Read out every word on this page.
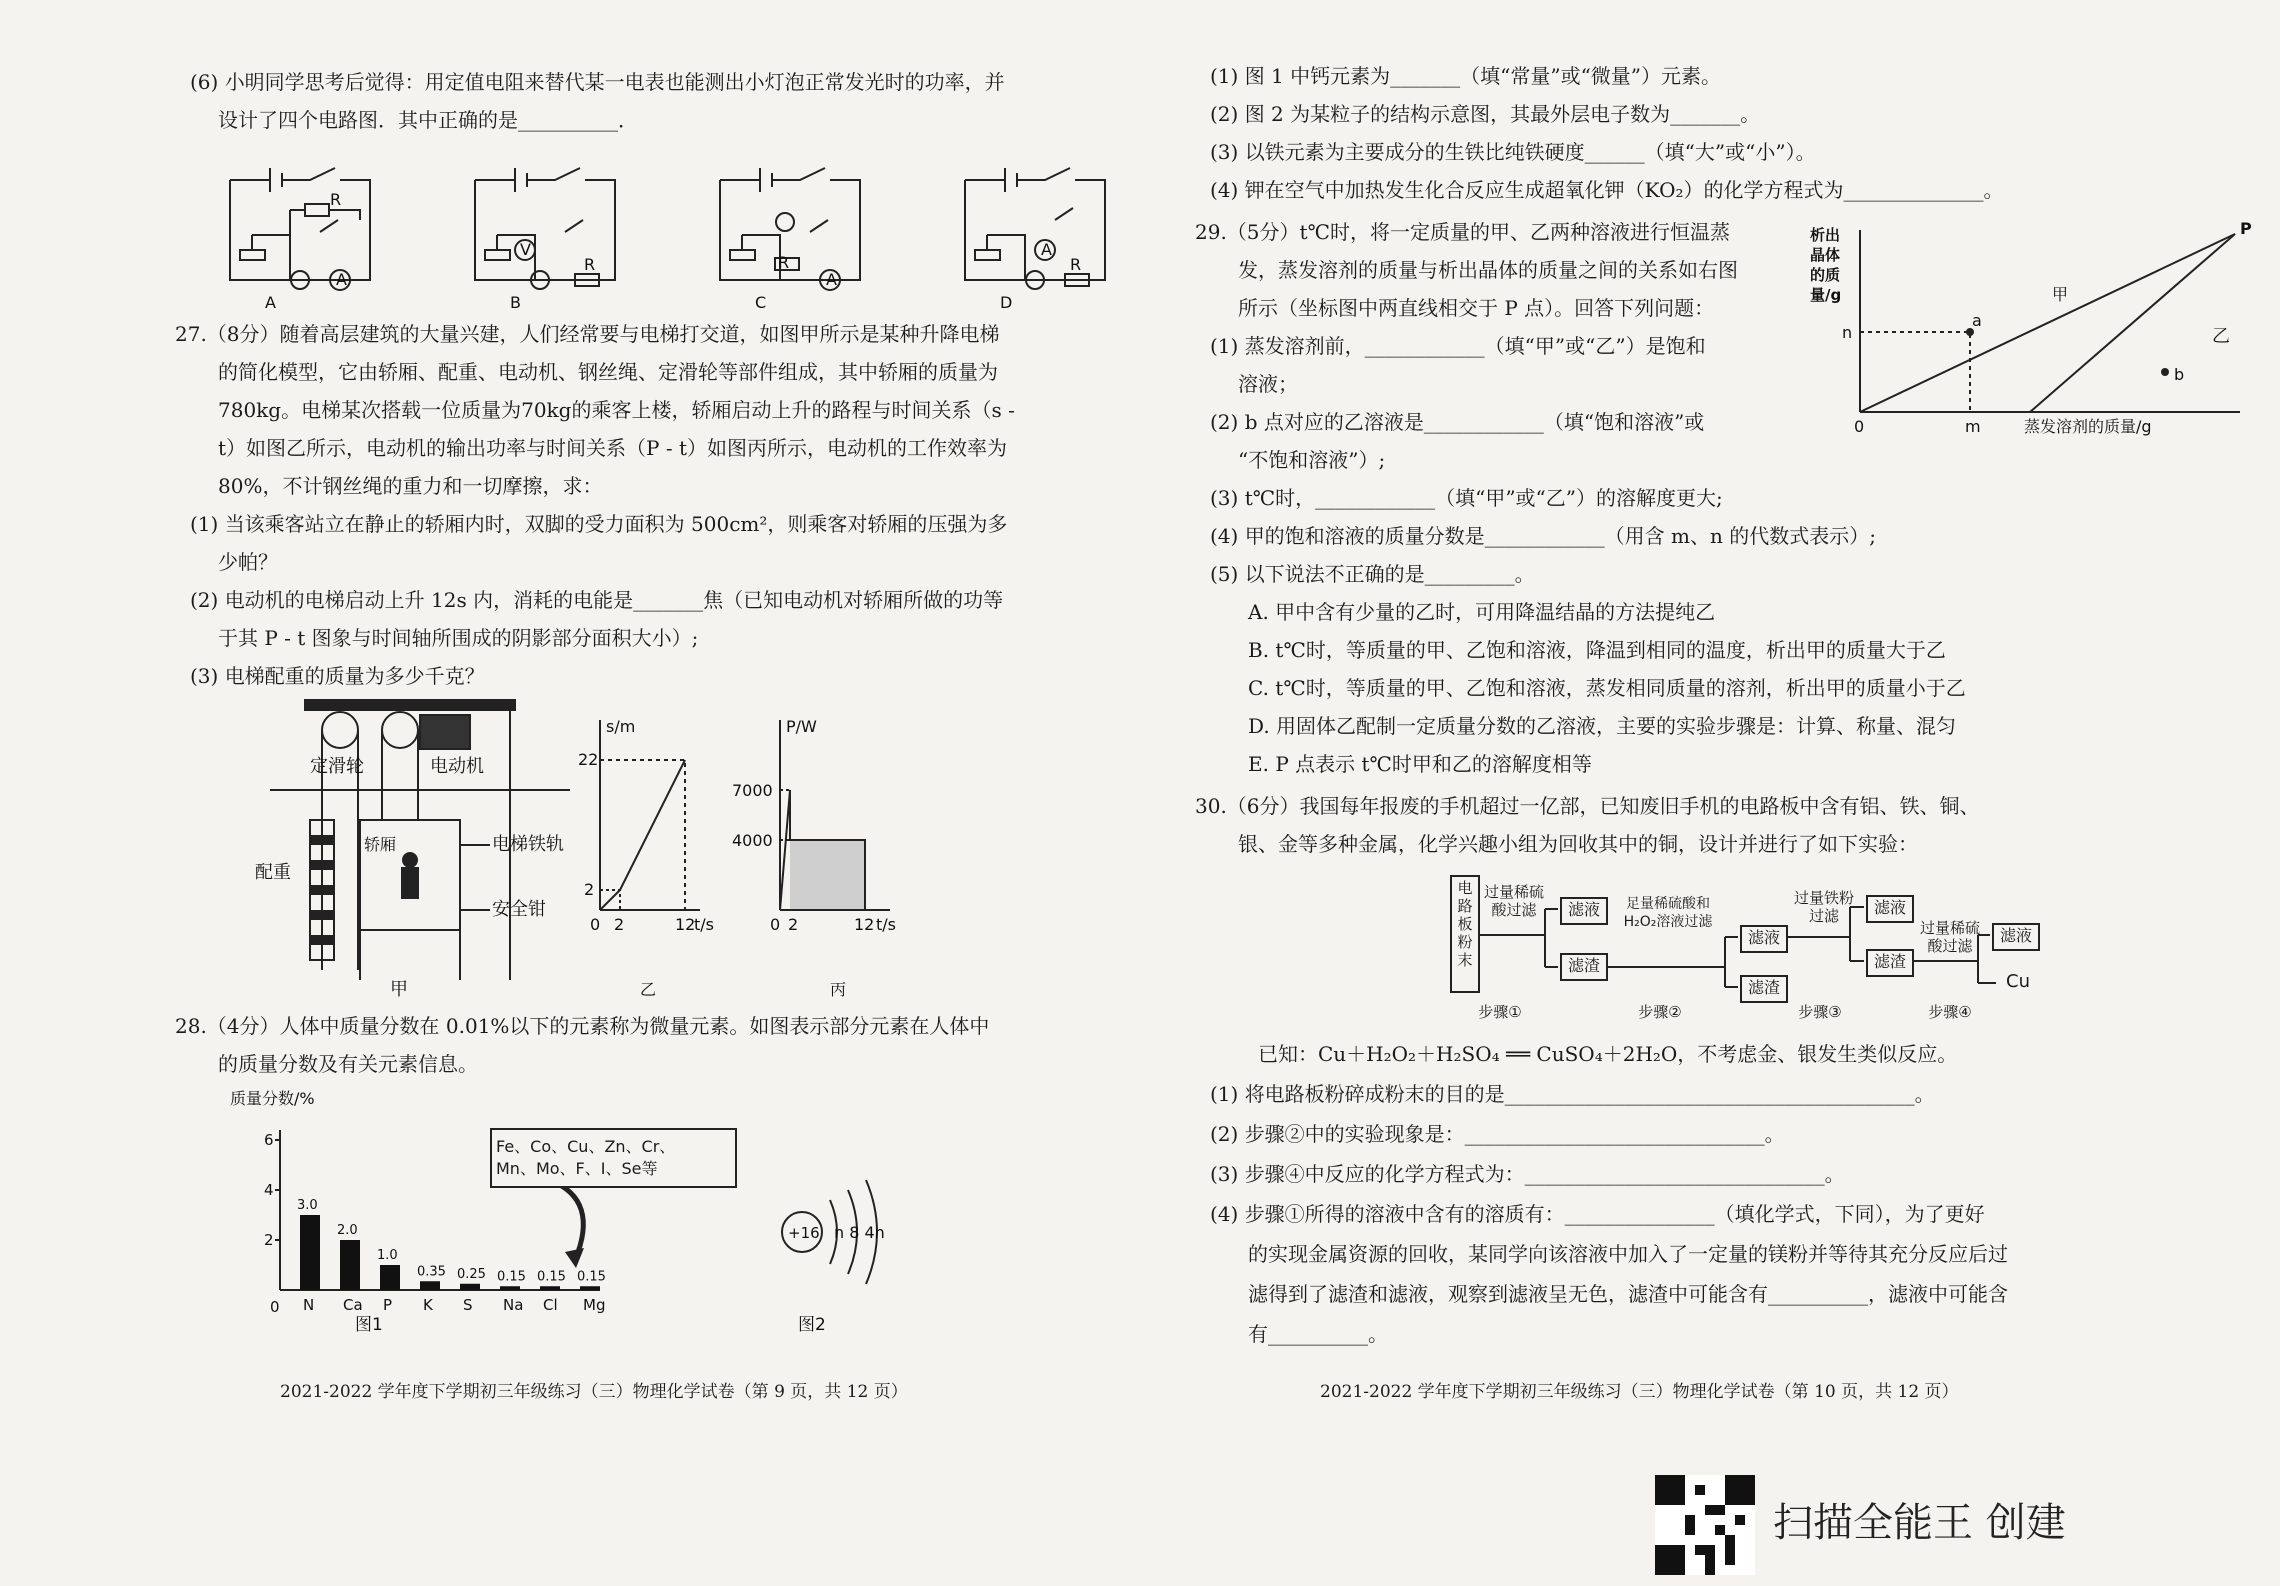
(6) 小明同学思考后觉得：用定值电阻来替代某一电表也能测出小灯泡正常发光时的功率，并
设计了四个电路图．其中正确的是__________．
R
A
V
R	R
A
A
R
A	B	C	D
27.（8分）随着高层建筑的大量兴建，人们经常要与电梯打交道，如图甲所示是某种升降电梯
的简化模型，它由轿厢、配重、电动机、钢丝绳、定滑轮等部件组成，其中轿厢的质量为
780kg。电梯某次搭载一位质量为70kg的乘客上楼，轿厢启动上升的路程与时间关系（s -
t）如图乙所示，电动机的输出功率与时间关系（P - t）如图丙所示，电动机的工作效率为
80%，不计钢丝绳的重力和一切摩擦，求：
(1) 当该乘客站立在静止的轿厢内时，双脚的受力面积为 500cm²，则乘客对轿厢的压强为多
少帕？
(2) 电动机的电梯启动上升 12s 内，消耗的电能是_______焦（已知电动机对轿厢所做的功等
于其 P - t 图象与时间轴所围成的阴影部分面积大小）;
(3) 电梯配重的质量为多少千克？
定滑轮	电动机
配重
轿厢	电梯铁轨
安全钳
甲
s/m
22
2
0 2	12
t/s
乙
P/W
7000
4000
0 2	12 t/s
丙
28.（4分）人体中质量分数在 0.01%以下的元素称为微量元素。如图表示部分元素在人体中
的质量分数及有关元素信息。
质量分数/%
6
4
2
0
3.0
N
2.0
Ca
1.0
P
0.35
K
0.25
S
0.15
Na
0.15
Cl
0.15
Mg
图1
Fe、Co、Cu、Zn、Cr、
Mn、Mo、F、I、Se等
+16 n 8 4n
图2
2021-2022 学年度下学期初三年级练习（三）物理化学试卷（第 9 页，共 12 页）
(1) 图 1 中钙元素为_______（填“常量”或“微量”）元素。
(2) 图 2 为某粒子的结构示意图，其最外层电子数为_______。
(3) 以铁元素为主要成分的生铁比纯铁硬度______（填“大”或“小”）。
(4) 钾在空气中加热发生化合反应生成超氧化钾（KO₂）的化学方程式为______________。
29.（5分）t℃时，将一定质量的甲、乙两种溶液进行恒温蒸
发，蒸发溶剂的质量与析出晶体的质量之间的关系如右图
所示（坐标图中两直线相交于 P 点）。回答下列问题：
(1) 蒸发溶剂前，____________（填“甲”或“乙”）是饱和
溶液；
(2) b 点对应的乙溶液是____________（填“饱和溶液”或
“不饱和溶液”）;
(3) t℃时，____________（填“甲”或“乙”）的溶解度更大;
(4) 甲的饱和溶液的质量分数是____________（用含 m、n 的代数式表示）;
(5) 以下说法不正确的是_________。
A. 甲中含有少量的乙时，可用降温结晶的方法提纯乙
B. t℃时，等质量的甲、乙饱和溶液，降温到相同的温度，析出甲的质量大于乙
C. t℃时，等质量的甲、乙饱和溶液，蒸发相同质量的溶剂，析出甲的质量小于乙
D. 用固体乙配制一定质量分数的乙溶液，主要的实验步骤是：计算、称量、混匀
E. P 点表示 t℃时甲和乙的溶解度相等
析出
晶体
的质
量/g
P
a
b
甲
乙
n
m
0	蒸发溶剂的质量/g
30.（6分）我国每年报废的手机超过一亿部，已知废旧手机的电路板中含有铝、铁、铜、
银、金等多种金属，化学兴趣小组为回收其中的铜，设计并进行了如下实验：
电路板粉末
过量稀硫酸过滤	滤液
滤渣
足量稀硫酸和H₂O₂溶液过滤
滤液
滤渣
过量铁粉过滤	滤液
滤渣
过量稀硫酸过滤
滤液
Cu
步骤①	步骤②	步骤③	步骤④
已知：Cu＋H₂O₂＋H₂SO₄ ══ CuSO₄＋2H₂O，不考虑金、银发生类似反应。
(1) 将电路板粉碎成粉末的目的是_________________________________________。
(2) 步骤②中的实验现象是：______________________________。
(3) 步骤④中反应的化学方程式为：______________________________。
(4) 步骤①所得的溶液中含有的溶质有：_______________（填化学式，下同），为了更好
的实现金属资源的回收，某同学向该溶液中加入了一定量的镁粉并等待其充分反应后过
滤得到了滤渣和滤液，观察到滤液呈无色，滤渣中可能含有__________，滤液中可能含
有__________。
2021-2022 学年度下学期初三年级练习（三）物理化学试卷（第 10 页，共 12 页）
扫描全能王 创建
